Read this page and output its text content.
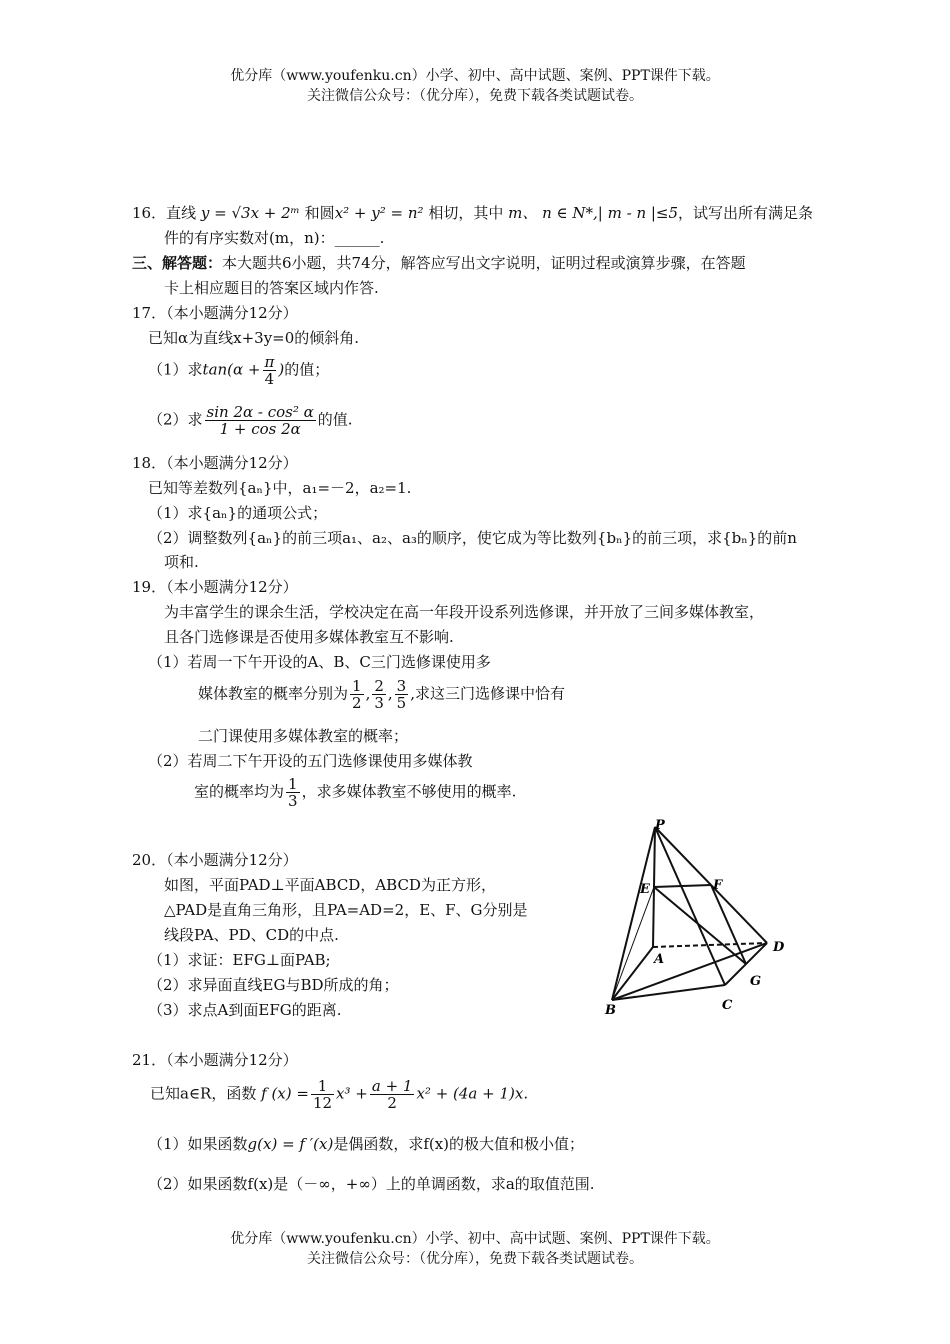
优分库（www.youfenku.cn）小学、初中、高中试题、案例、PPT课件下载。
关注微信公众号：（优分库），免费下载各类试题试卷。
16．直线 y = √3x + 2ᵐ 和圆x² + y² = n² 相切，其中 m、 n ∈ N*,| m - n |≤5，试写出所有满足条
件的有序实数对(m，n)：______.
三、解答题：本大题共6小题，共74分，解答应写出文字说明，证明过程或演算步骤，在答题
卡上相应题目的答案区域内作答.
17．（本小题满分12分）
已知α为直线x+3y=0的倾斜角.
（1）求$\tan(\alpha + \frac{\pi}{4}$ )的值；
（2）求 $\frac{\text{sin 2α - cos² α}}{1 + \cos 2\alpha}$ 的值.
18．（本小题满分12分）
已知等差数列{aₙ}中，a₁=－2，a₂=1.
（1）求{aₙ}的通项公式；
（2）调整数列{aₙ}的前三项a₁、a₂、a₃的顺序，使它成为等比数列{bₙ}的前三项，求{bₙ}的前n
项和.
19．（本小题满分12分）
为丰富学生的课余生活，学校决定在高一年段开设系列选修课，并开放了三间多媒体教室，
且各门选修课是否使用多媒体教室互不影响.
（1）若周一下午开设的A、B、C三门选修课使用多
媒体教室的概率分别为 $\frac{1}{2}$ , $\frac{2}{3}$ , $\frac{3}{5}$ ,求这三门选修课中恰有
二门课使用多媒体教室的概率；
（2）若周二下午开设的五门选修课使用多媒体教
室的概率均为 $\frac{1}{3}$ ，求多媒体教室不够使用的概率.
20．（本小题满分12分）
如图，平面PAD⊥平面ABCD，ABCD为正方形，
△PAD是直角三角形，且PA=AD=2，E、F、G分别是
线段PA、PD、CD的中点.
（1）求证：EFG⊥面PAB;
（2）求异面直线EG与BD所成的角；
（3）求点A到面EFG的距离.
P
E	F
A
D
G
B	C
21．（本小题满分12分）
已知a∈R，函数 f $(x) = \frac{1}{12} x^3 + \frac{a + 1}{2} x^2 + (4a + 1)x$.
（1）如果函数g(x) = f ′(x)是偶函数，求f(x)的极大值和极小值；
（2）如果函数f(x)是（－∞，+∞）上的单调函数，求a的取值范围.
优分库（www.youfenku.cn）小学、初中、高中试题、案例、PPT课件下载。
关注微信公众号：（优分库），免费下载各类试题试卷。
